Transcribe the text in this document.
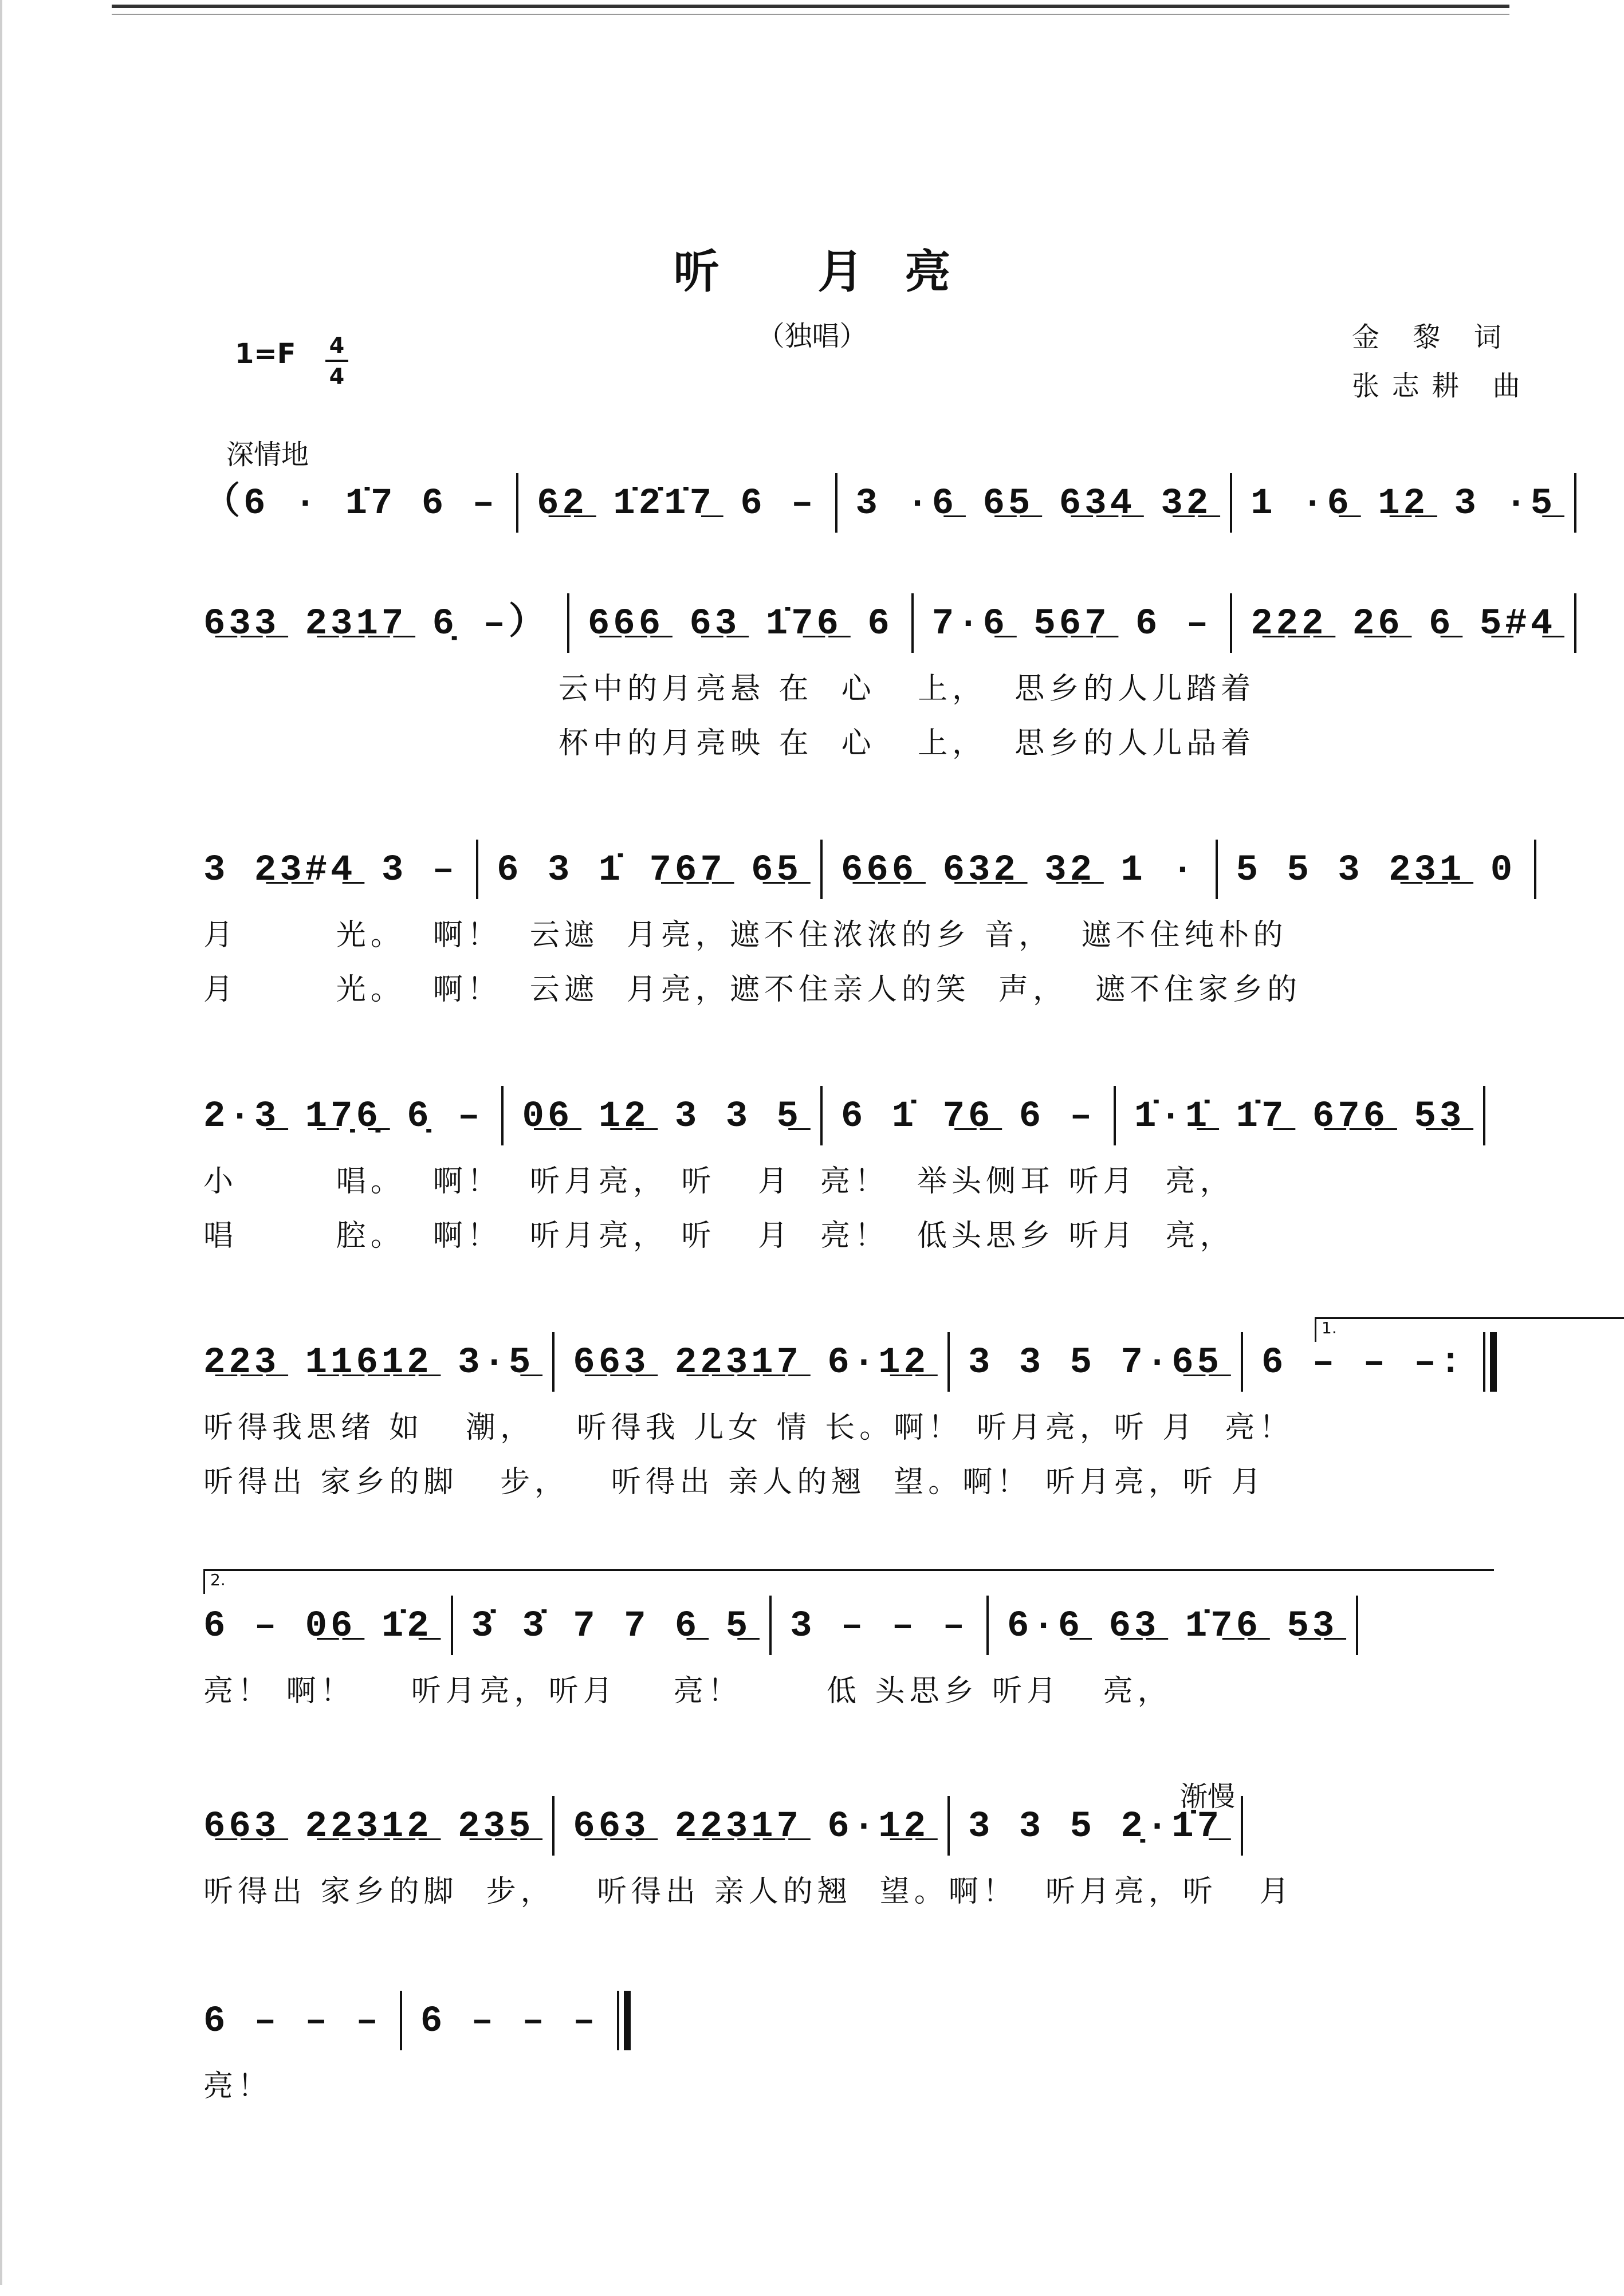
听 月亮
（独唱）	金 黎 词
张志耕 曲
1=F 4
4
深情地
（6 · 1̇7 6 – 6̲2̲ 1̇2̇1̇7̲ 6 – 3 ·6̲ 6̲5̲ 6̲3̲4̲ 3̲2̲ 1 ·6̲ 1̲2̲ 3 ·5̲
6̲3̲3̲ 2̲3̲1̲7̲ 6̣ –） 6̲6̲6̲ 6̲3̲ 1̇7̲6̲ 6 7·6̲ 5̲6̲7̲ 6 – 2̲2̲2̲ 2̲6̲ 6̲ 5̲#4̲
云中的月亮悬 在  心   上，  思乡的人儿踏着
杯中的月亮映 在  心   上，  思乡的人儿品着
3 2̲3̲#4̲ 3 – 6 3 1̇ 7̲6̲7̲ 6̲5̲ 6̲6̲6̲ 6̲3̲2̲ 3̲2̲ 1 · 5 5 3 2̲3̲1̲ 0
月       光。  啊！  云遮  月亮，遮不住浓浓的乡 音，  遮不住纯朴的
月       光。  啊！  云遮  月亮，遮不住亲人的笑  声，  遮不住家乡的
2·3̲ 1̲7̣6̣̲ 6̣ – 0̲6̲ 1̲2̲ 3 3 5̲ 6 1̇ 7̲6̲ 6 – 1̇·1̲̇ 1̇7̲ 6̲7̲6̲ 5̲3̲
小       唱。  啊！  听月亮， 听   月  亮！  举头侧耳 听月  亮，
唱       腔。  啊！  听月亮， 听   月  亮！  低头思乡 听月  亮，
1.
2̲2̲3̲ 1̲1̲6̲1̲2̲ 3·5̲ 6̲6̲3̲ 2̲2̲3̲1̲7̲ 6·1̲2̲ 3 3 5 7·6̲5̲ 6 – – –:
听得我思绪 如   潮，   听得我 儿女 情 长。啊！ 听月亮，听 月  亮！
听得出 家乡的脚   步，   听得出 亲人的翘  望。啊！ 听月亮，听 月
2.
6 – 0̲6̲ 1̇2̲ 3̇ 3̇ 7 7 6̲ 5̲ 3 – – – 6·6̲ 6̲3̲ 1̇7̲6̲ 5̲3̲
亮！ 啊！    听月亮，听月    亮！      低 头思乡 听月   亮，
渐慢
6̲6̲3̲ 2̲2̲3̲1̲2̲ 2̲3̲5̲ 6̲6̲3̲ 2̲2̲3̲1̲7̲ 6·1̲2̲ 3 3 5 2̣·1̇7̲
听得出 家乡的脚  步，   听得出 亲人的翘  望。啊！  听月亮，听   月
6 – – – 6 – – –
亮！
